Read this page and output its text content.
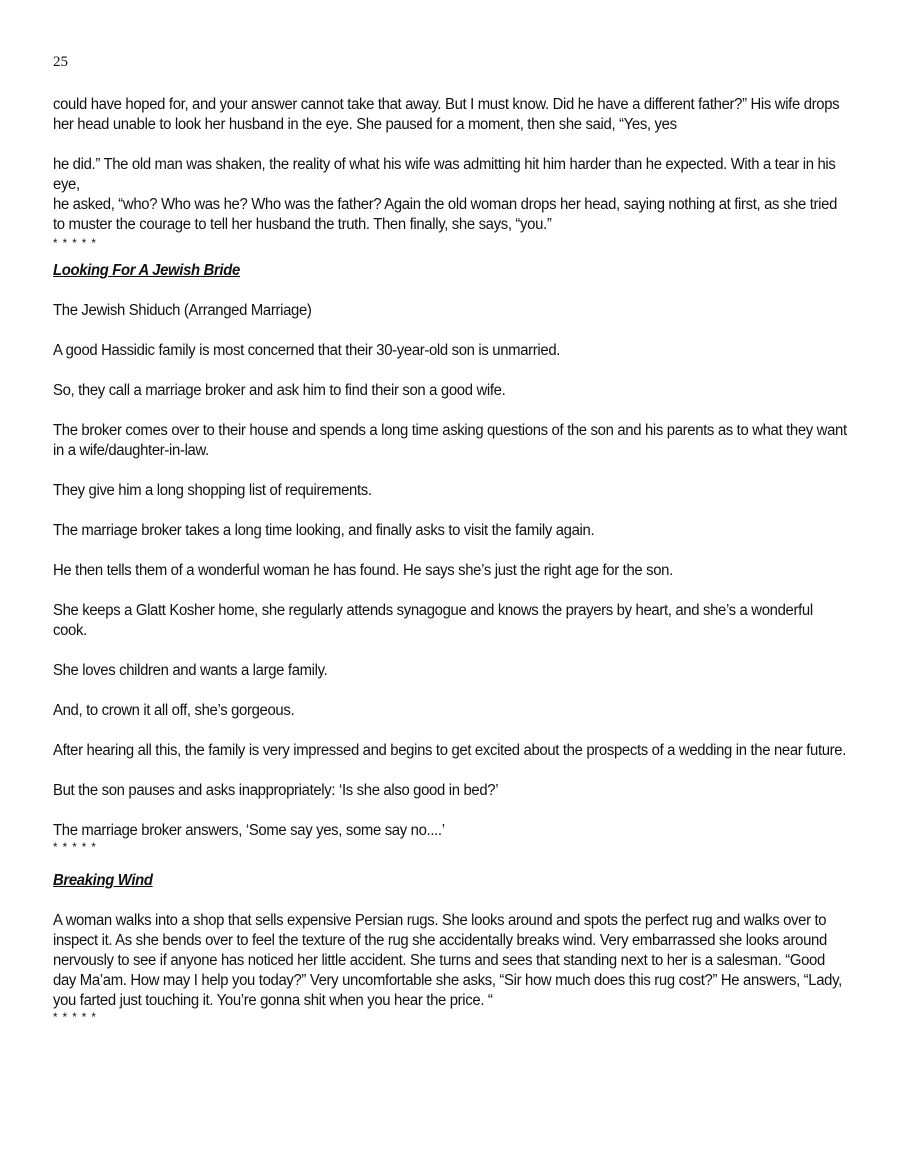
25

could have hoped for, and your answer cannot take that away. But I must know. Did he have a different father?” His wife drops her head unable to look her husband in the eye. She paused for a moment, then she said, “Yes, yes

he did.” The old man was shaken, the reality of what his wife was admitting hit him harder than he expected. With a tear in his eye,

he asked, “who? Who was he? Who was the father? Again the old woman drops her head, saying nothing at first, as she tried to muster the courage to tell her husband the truth. Then finally, she says, “you.”

* * * * *

Looking For A Jewish Bride

The Jewish Shiduch (Arranged Marriage)

A good Hassidic family is most concerned that their 30-year-old son is unmarried.

So, they call a marriage broker and ask him to find their son a good wife.

The broker comes over to their house and spends a long time asking questions of the son and his parents as to what they want in a wife/daughter-in-law.

They give him a long shopping list of requirements.

The marriage broker takes a long time looking, and finally asks to visit the family again.

He then tells them of a wonderful woman he has found. He says she’s just the right age for the son.

She keeps a Glatt Kosher home, she regularly attends synagogue and knows the prayers by heart, and she’s a wonderful cook.

She loves children and wants a large family.

And, to crown it all off, she’s gorgeous.

After hearing all this, the family is very impressed and begins to get excited about the prospects of a wedding in the near future.

But the son pauses and asks inappropriately: ‘Is she also good in bed?’

The marriage broker answers, ‘Some say yes, some say no....’

* * * * *

Breaking Wind

A woman walks into a shop that sells expensive Persian rugs. She looks around and spots the perfect rug and walks over to inspect it. As she bends over to feel the texture of the rug she accidentally breaks wind. Very embarrassed she looks around nervously to see if anyone has noticed her little accident. She turns and sees that standing next to her is a salesman. “Good day Ma’am. How may I help you today?” Very uncomfortable she asks, “Sir how much does this rug cost?” He answers, “Lady, you farted just touching it. You’re gonna shit when you hear the price. “

* * * * *
